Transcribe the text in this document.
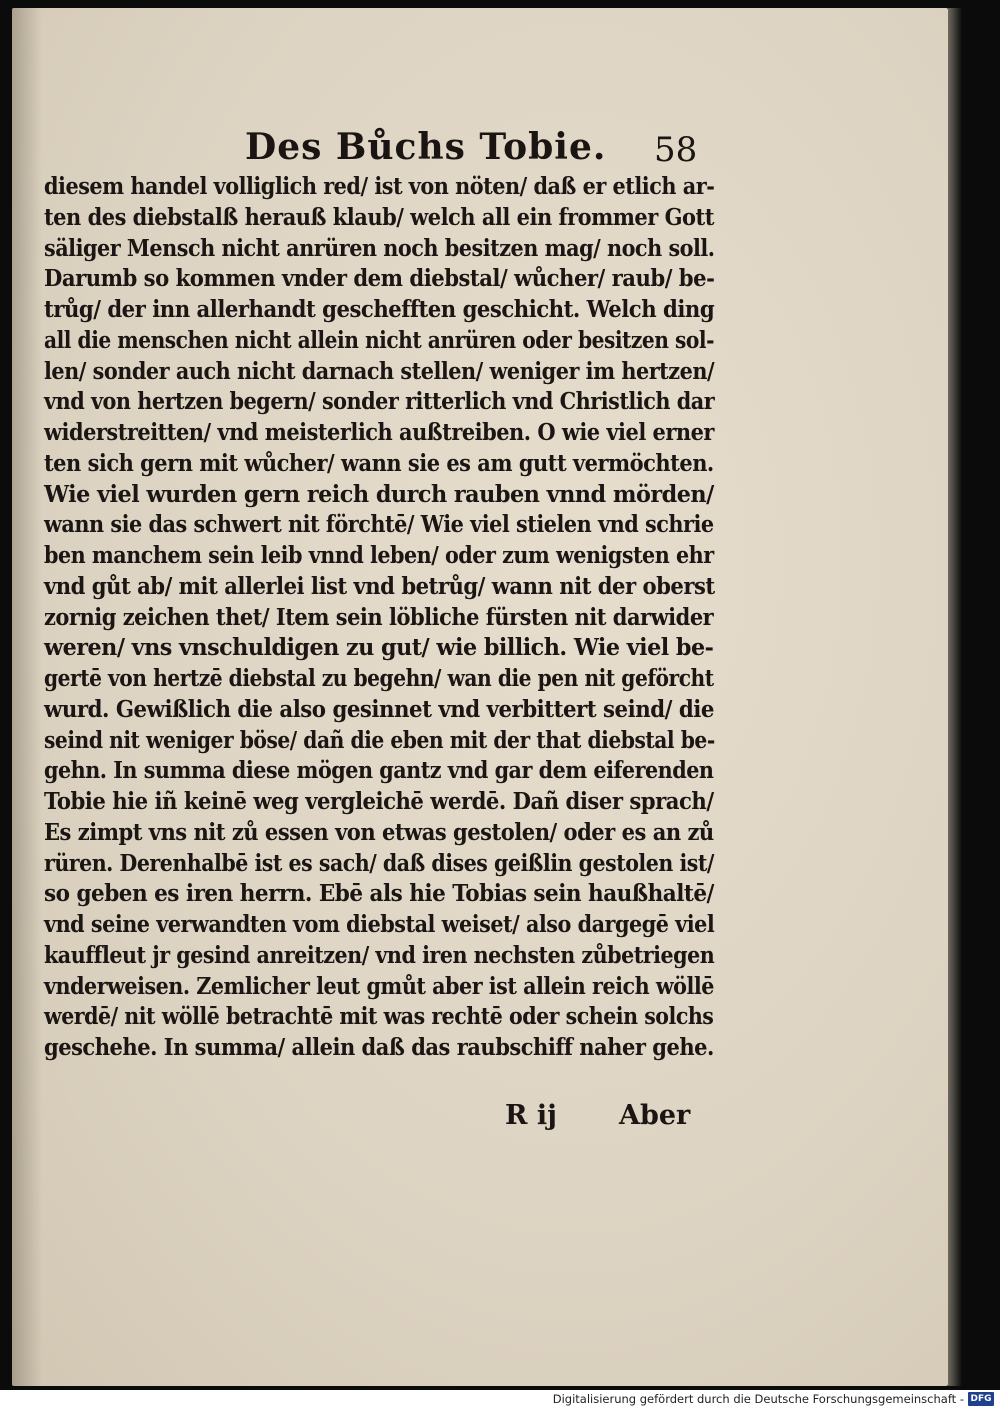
Des Bůchs Tobie. 58
diesem handel volliglich red/ ist von nöten/ daß er etlich ar-
ten des diebstalß herauß klaub/ welch all ein frommer Gott
säliger Mensch nicht anrüren noch besitzen mag/ noch soll.
Darumb so kommen vnder dem diebstal/ wůcher/ raub/ be-
trůg/ der inn allerhandt geschefften geschicht. Welch ding
all die menschen nicht allein nicht anrüren oder besitzen sol-
len/ sonder auch nicht darnach stellen/ weniger im hertzen/
vnd von hertzen begern/ sonder ritterlich vnd Christlich dar
widerstreitten/ vnd meisterlich außtreiben. O wie viel erner
ten sich gern mit wůcher/ wann sie es am gutt vermöchten.
Wie viel wurden gern reich durch rauben vnnd mörden/
wann sie das schwert nit förchtē/ Wie viel stielen vnd schrie
ben manchem sein leib vnnd leben/ oder zum wenigsten ehr
vnd gůt ab/ mit allerlei list vnd betrůg/ wann nit der oberst
zornig zeichen thet/ Item sein löbliche fürsten nit darwider
weren/ vns vnschuldigen zu gut/ wie billich. Wie viel be-
gertē von hertzē diebstal zu begehn/ wan die pen nit geförcht
wurd. Gewißlich die also gesinnet vnd verbittert seind/ die
seind nit weniger böse/ dañ die eben mit der that diebstal be-
gehn. In summa diese mögen gantz vnd gar dem eiferenden
Tobie hie iñ keinē weg vergleichē werdē. Dañ diser sprach/
Es zimpt vns nit zů essen von etwas gestolen/ oder es an zů
rüren. Derenhalbē ist es sach/ daß dises geißlin gestolen ist/
so geben es iren herrn. Ebē als hie Tobias sein haußhaltē/
vnd seine verwandten vom diebstal weiset/ also dargegē viel
kauffleut jr gesind anreitzen/ vnd iren nechsten zůbetriegen
vnderweisen. Zemlicher leut gmůt aber ist allein reich wöllē
werdē/ nit wöllē betrachtē mit was rechtē oder schein solchs
geschehe. In summa/ allein daß das raubschiff naher gehe.
R ij Aber
Digitalisierung gefördert durch die Deutsche Forschungsgemeinschaft - DFG
